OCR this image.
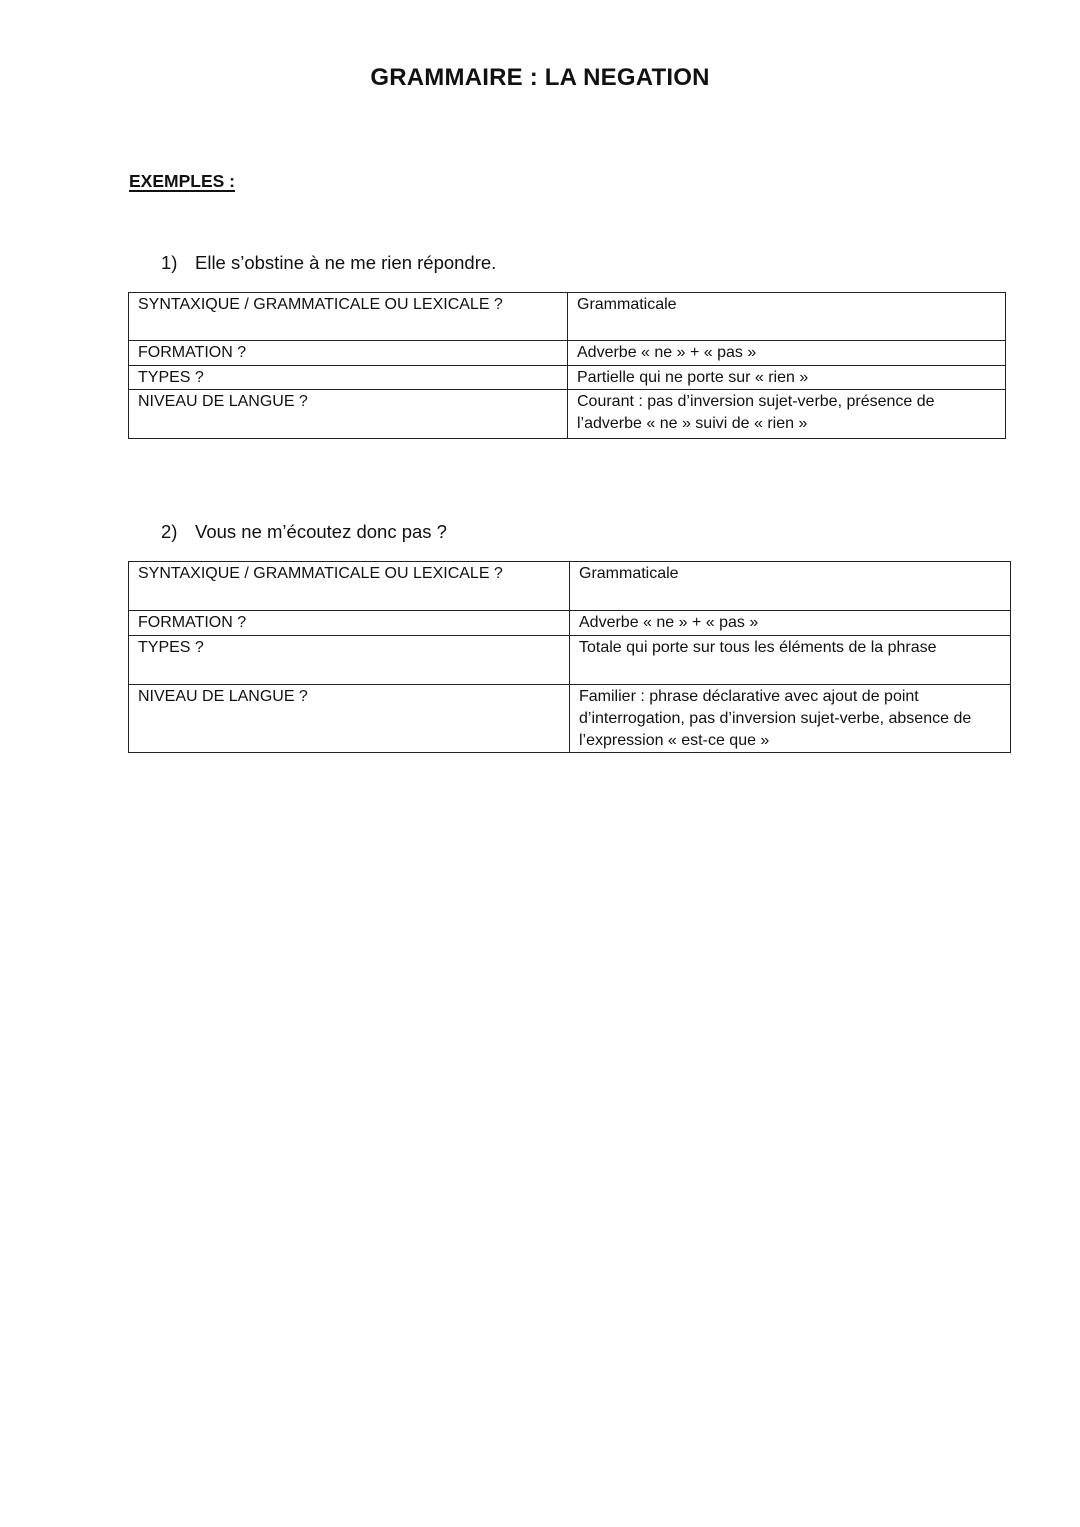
GRAMMAIRE : LA NEGATION
EXEMPLES :
1) Elle s’obstine à ne me rien répondre.
SYNTAXIQUE / GRAMMATICALE OU LEXICALE ?	Grammaticale
FORMATION ?	Adverbe « ne » + « pas »
TYPES ?	Partielle qui ne porte sur « rien »
NIVEAU DE LANGUE ?	Courant : pas d’inversion sujet-verbe, présence de l’adverbe « ne » suivi de « rien »
2) Vous ne m’écoutez donc pas ?
SYNTAXIQUE / GRAMMATICALE OU LEXICALE ?	Grammaticale
FORMATION ?	Adverbe « ne » + « pas »
TYPES ?	Totale qui porte sur tous les éléments de la phrase
NIVEAU DE LANGUE ?	Familier : phrase déclarative avec ajout de point d’interrogation, pas d’inversion sujet-verbe, absence de l’expression « est-ce que »
